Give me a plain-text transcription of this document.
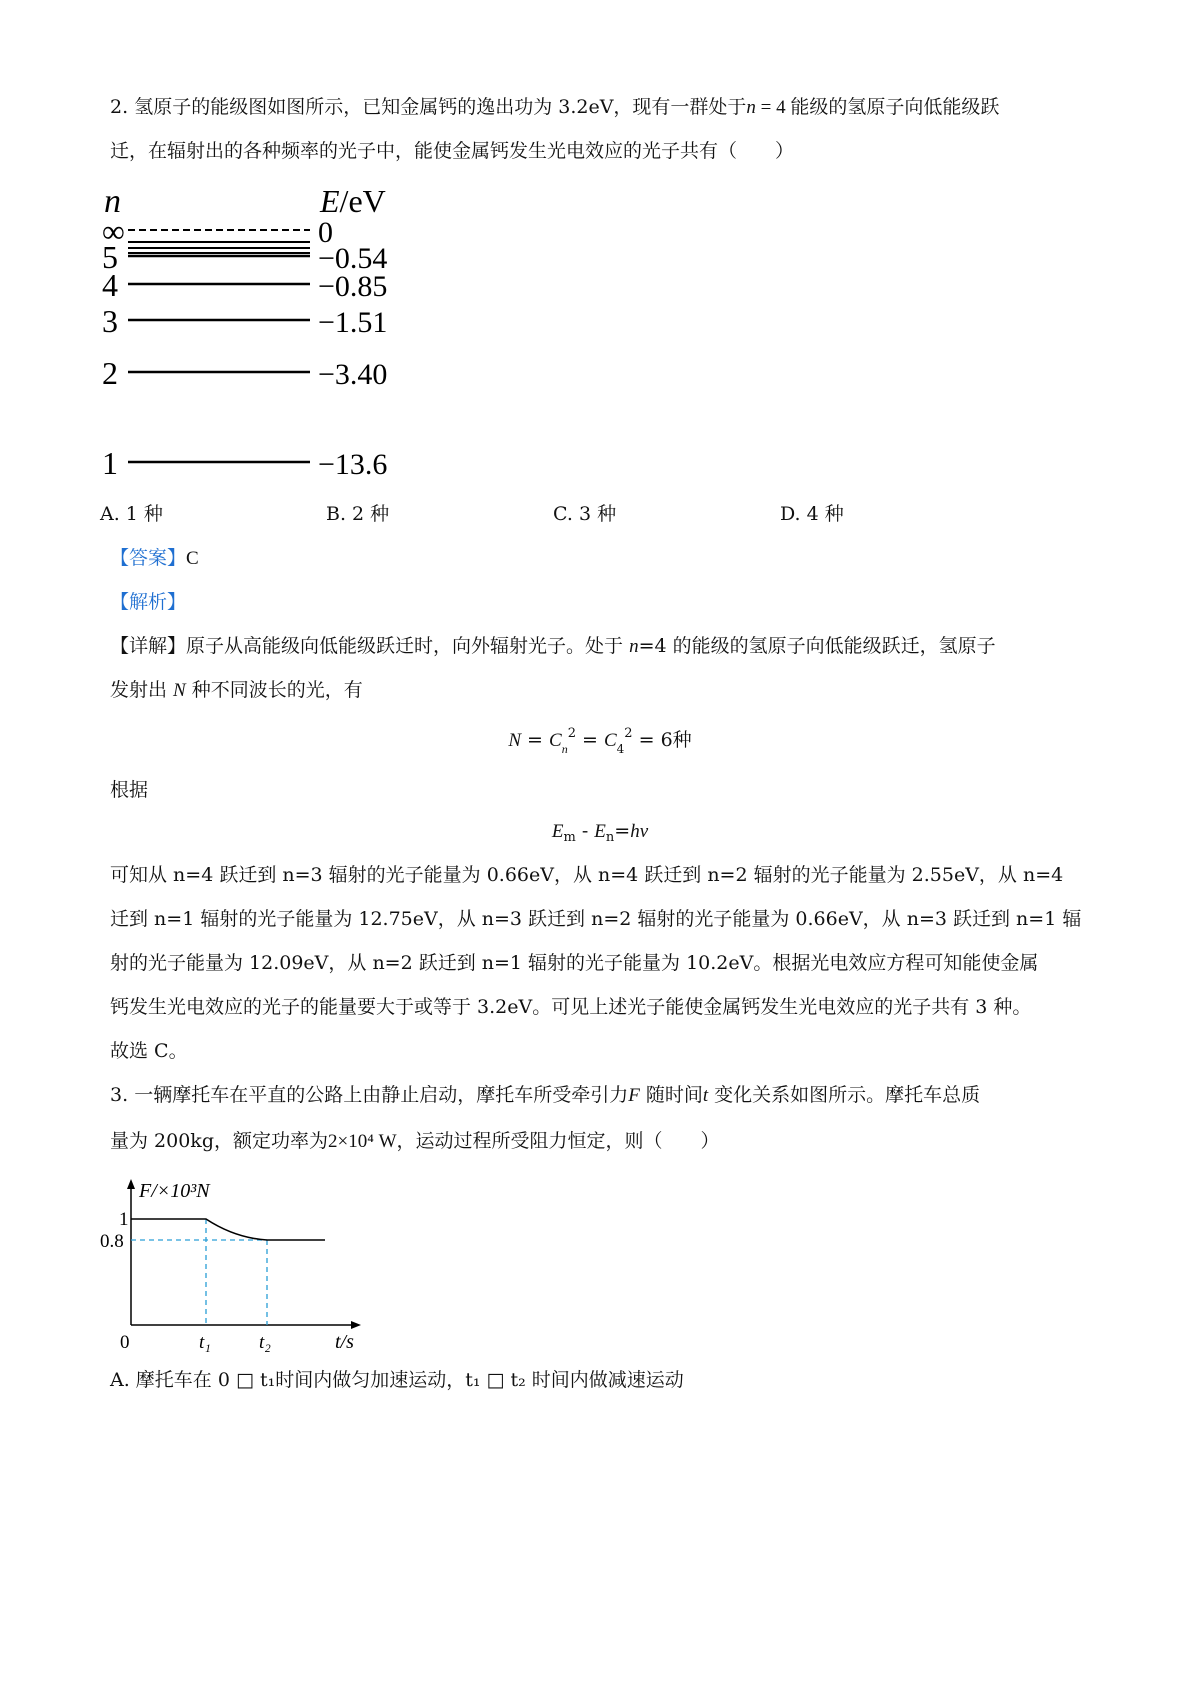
2. 氢原子的能级图如图所示，已知金属钙的逸出功为 3.2eV，现有一群处于n = 4 能级的氢原子向低能级跃
迁，在辐射出的各种频率的光子中，能使金属钙发生光电效应的光子共有（　　）
n	E/eV
∞	0
5	−0.54
4	−0.85
3	−1.51
2	−3.40
1	−13.6
A. 1 种	B. 2 种	C. 3 种	D. 4 种
【答案】C
【解析】
【详解】原子从高能级向低能级跃迁时，向外辐射光子。处于 n=4 的能级的氢原子向低能级跃迁，氢原子
发射出 N 种不同波长的光，有
$N = C_n^2 = C_4^2 = 6$种
根据
$E_m - E_n=h\nu$
可知从 n=4 跃迁到 n=3 辐射的光子能量为 0.66eV，从 n=4 跃迁到 n=2 辐射的光子能量为 2.55eV，从 n=4
迁到 n=1 辐射的光子能量为 12.75eV，从 n=3 跃迁到 n=2 辐射的光子能量为 0.66eV，从 n=3 跃迁到 n=1 辐
射的光子能量为 12.09eV，从 n=2 跃迁到 n=1 辐射的光子能量为 10.2eV。根据光电效应方程可知能使金属
钙发生光电效应的光子的能量要大于或等于 3.2eV。可见上述光子能使金属钙发生光电效应的光子共有 3 种。
故选 C。
3. 一辆摩托车在平直的公路上由静止启动，摩托车所受牵引力F 随时间t 变化关系如图所示。摩托车总质
量为 200kg，额定功率为2×10⁴ W，运动过程所受阻力恒定，则（　　）
F/×10³N
1
0.8
0	t₁	t₂	t/s
A. 摩托车在 0 □ t₁时间内做匀加速运动，t₁ □ t₂ 时间内做减速运动
